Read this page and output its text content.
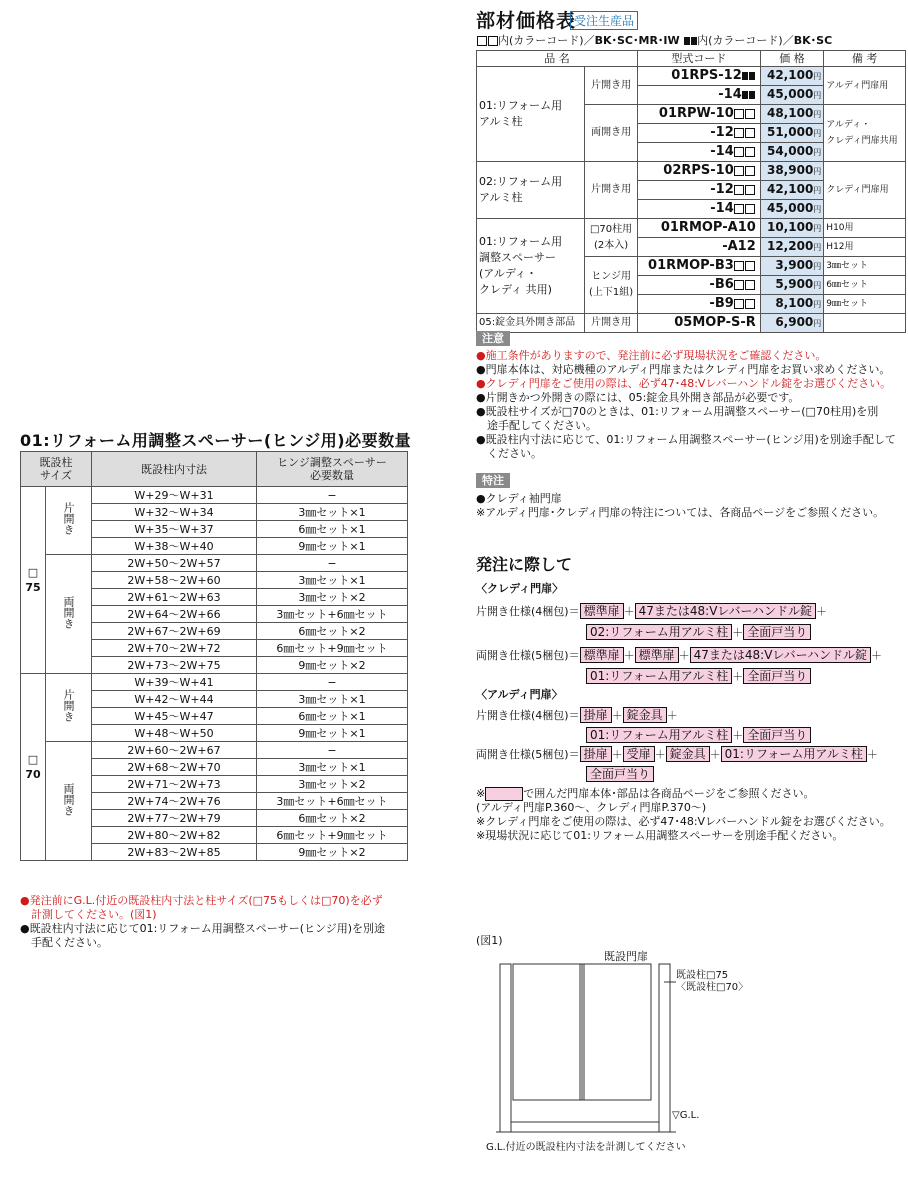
部材価格表
受注生産品
内(カラーコード)／BK･SC･MR･IW 内(カラーコード)／BK･SC
品 名		型式コード	価 格	備 考
01:リフォーム用
アルミ柱	片開き用	01RPS-12	42,100円	アルディ門扉用
		-14	45,000円	
	両開き用	01RPW-10	48,100円	アルディ・
クレディ門扉共用
		-12	51,000円	
		-14	54,000円	
02:リフォーム用
アルミ柱	片開き用	02RPS-10	38,900円	クレディ門扉用
		-12	42,100円	
		-14	45,000円	
01:リフォーム用
調整スペーサー
(アルディ・
クレディ 共用)	□70柱用
(2本入)	01RMOP-A10	10,100円	H10用
		-A12	12,200円	H12用
	ヒンジ用
(上下1組)	01RMOP-B3	3,900円	3㎜セット
		-B6	5,900円	6㎜セット
		-B9	8,100円	9㎜セット
05:錠金具外開き部品	片開き用	05MOP-S-R	6,900円	
注意
●施工条件がありますので、発注前に必ず現場状況をご確認ください。
●門扉本体は、対応機種のアルディ門扉またはクレディ門扉をお買い求めください。
●クレディ門扉をご使用の際は、必ず47･48:Vレバーハンドル錠をお選びください。
●片開きかつ外開きの際には、05:錠金具外開き部品が必要です。
●既設柱サイズが□70のときは、01:リフォーム用調整スペーサー(□70柱用)を別
　途手配してください。
●既設柱内寸法に応じて、01:リフォーム用調整スペーサー(ヒンジ用)を別途手配して
　ください。
特注
●クレディ袖門扉
※アルディ門扉･クレディ門扉の特注については、各商品ページをご参照ください。
発注に際して
〈クレディ門扉〉
片開き仕様(4梱包)＝ 標準扉 ＋ 47または48:Vレバーハンドル錠 ＋
02:リフォーム用アルミ柱 ＋ 全面戸当り
両開き仕様(5梱包)＝ 標準扉 ＋ 標準扉 ＋ 47または48:Vレバーハンドル錠 ＋
01:リフォーム用アルミ柱 ＋ 全面戸当り
〈アルディ門扉〉
片開き仕様(4梱包)＝ 掛扉 ＋ 錠金具 ＋
01:リフォーム用アルミ柱 ＋ 全面戸当り
両開き仕様(5梱包)＝ 掛扉 ＋ 受扉 ＋ 錠金具 ＋ 01:リフォーム用アルミ柱 ＋
全面戸当り
※	で囲んだ門扉本体･部品は各商品ページをご参照ください。
(アルディ門扉P.360〜、クレディ門扉P.370〜)
※クレディ門扉をご使用の際は、必ず47･48:Vレバーハンドル錠をお選びください。
※現場状況に応じて01:リフォーム用調整スペーサーを別途手配ください。
01:リフォーム用調整スペーサー(ヒンジ用)必要数量
既設柱
サイズ		既設柱内寸法	ヒンジ調整スペーサー
必要数量
□
75	片開き	W+29〜W+31	−
		W+32〜W+34	3㎜セット×1
		W+35〜W+37	6㎜セット×1
		W+38〜W+40	9㎜セット×1
	両開き	2W+50〜2W+57	−
		2W+58〜2W+60	3㎜セット×1
		2W+61〜2W+63	3㎜セット×2
		2W+64〜2W+66	3㎜セット+6㎜セット
		2W+67〜2W+69	6㎜セット×2
		2W+70〜2W+72	6㎜セット+9㎜セット
		2W+73〜2W+75	9㎜セット×2
□
70	片開き	W+39〜W+41	−
		W+42〜W+44	3㎜セット×1
		W+45〜W+47	6㎜セット×1
		W+48〜W+50	9㎜セット×1
	両開き	2W+60〜2W+67	−
		2W+68〜2W+70	3㎜セット×1
		2W+71〜2W+73	3㎜セット×2
		2W+74〜2W+76	3㎜セット+6㎜セット
		2W+77〜2W+79	6㎜セット×2
		2W+80〜2W+82	6㎜セット+9㎜セット
		2W+83〜2W+85	9㎜セット×2
●発注前にG.L.付近の既設柱内寸法と柱サイズ(□75もしくは□70)を必ず
　計測してください。(図1)
●既設柱内寸法に応じて01:リフォーム用調整スペーサー(ヒンジ用)を別途
　手配ください。	(図1)
既設門扉
既設柱□75
〈既設柱□70〉
▽G.L.
G.L.付近の既設柱内寸法を計測してください
